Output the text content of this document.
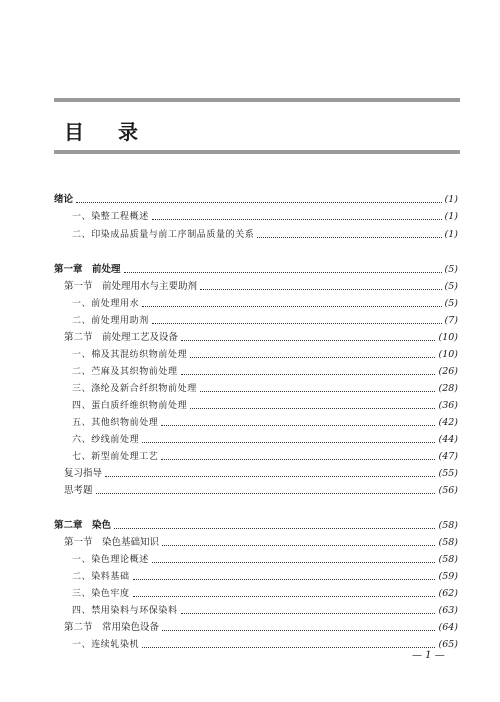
目 录
绪论	(1)
一、染整工程概述	(1)
二、印染成品质量与前工序制品质量的关系	(1)
第一章　前处理	(5)
第一节　前处理用水与主要助剂	(5)
一、前处理用水	(5)
二、前处理用助剂	(7)
第二节　前处理工艺及设备	(10)
一、棉及其混纺织物前处理	(10)
二、苎麻及其织物前处理	(26)
三、涤纶及新合纤织物前处理	(28)
四、蛋白质纤维织物前处理	(36)
五、其他织物前处理	(42)
六、纱线前处理	(44)
七、新型前处理工艺	(47)
复习指导	(55)
思考题	(56)
第二章　染色	(58)
第一节　染色基础知识	(58)
一、染色理论概述	(58)
二、染料基础	(59)
三、染色牢度	(62)
四、禁用染料与环保染料	(63)
第二节　常用染色设备	(64)
一、连续轧染机	(65)
— 1 —
